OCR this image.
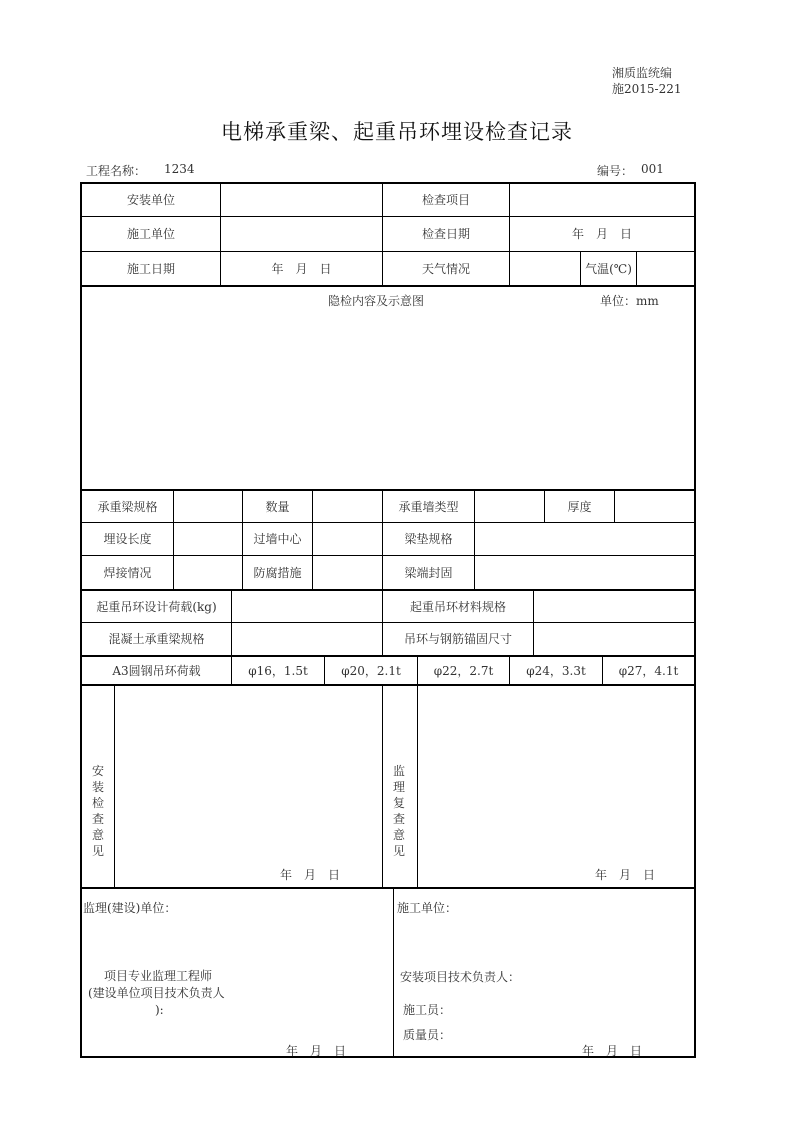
湘质监统编
施2015-221
电梯承重梁、起重吊环埋设检查记录
工程名称： 1234	编号： 001
安装单位	检查项目
施工单位	检查日期	年　月　日
施工日期	年　月　日	天气情况	气温(℃)
隐检内容及示意图	单位：mm
承重梁规格	数量	承重墙类型	厚度
埋设长度	过墙中心	梁垫规格
焊接情况	防腐措施	梁端封固
起重吊环设计荷载(kg)	起重吊环材料规格
混凝土承重梁规格	吊环与钢筋锚固尺寸
A3圆钢吊环荷载	φ16，1.5t	φ20，2.1t	φ22，2.7t	φ24，3.3t	φ27，4.1t
安装
检查
意见
年　月　日
监理
复查
意见
年　月　日
监理(建设)单位：
项目专业监理工程师
(建设单位项目技术负责人
):
年　月　日
施工单位：
安装项目技术负责人：
施工员：
质量员：
年　月　日
